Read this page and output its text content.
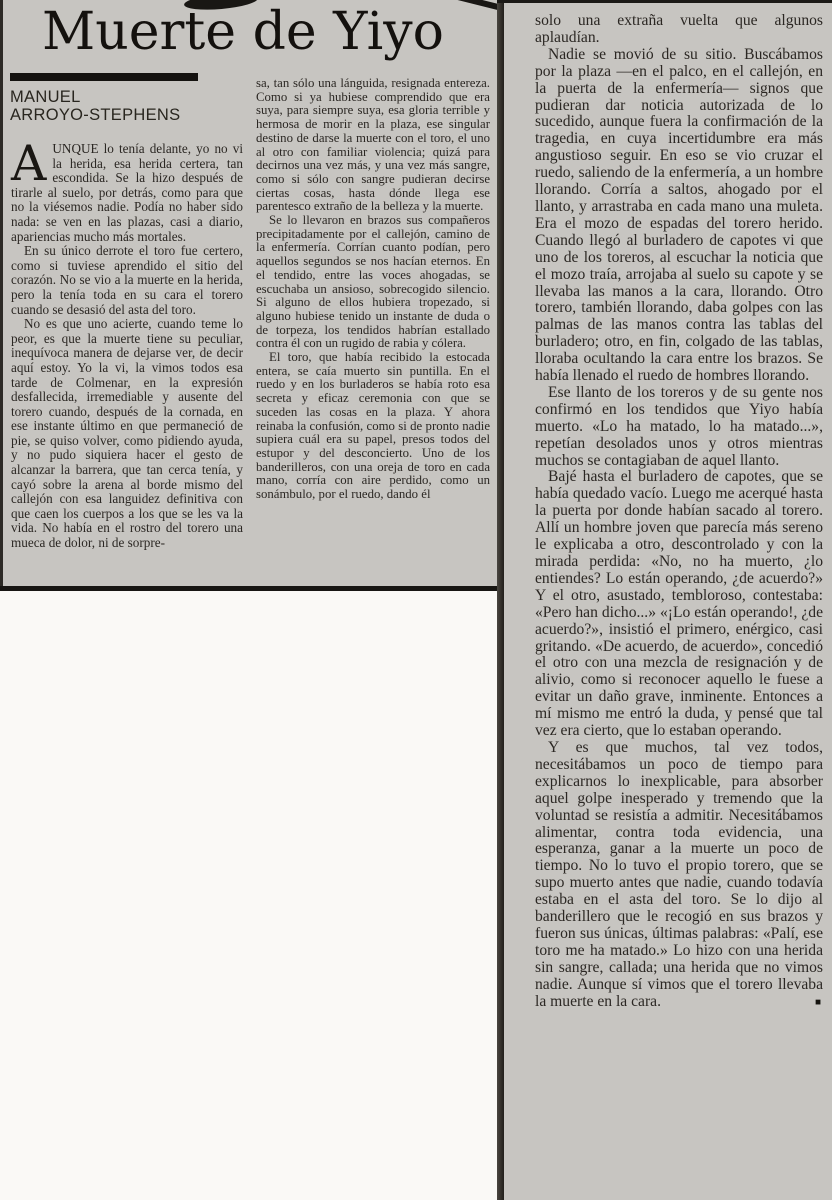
Muerte de Yiyo
MANUEL
ARROYO-STEPHENS

AUNQUE lo tenía delante, yo no vi la herida, esa herida certera, tan escondida. Se la hizo después de tirarle al suelo, por detrás, como para que no la viésemos nadie. Podía no haber sido nada: se ven en las plazas, casi a diario, apariencias mucho más mortales.

En su único derrote el toro fue certero, como si tuviese aprendido el sitio del corazón. No se vio a la muerte en la herida, pero la tenía toda en su cara el torero cuando se desasió del asta del toro.

No es que uno acierte, cuando teme lo peor, es que la muerte tiene su peculiar, inequívoca manera de dejarse ver, de decir aquí estoy. Yo la vi, la vimos todos esa tarde de Colmenar, en la expresión desfallecida, irremediable y ausente del torero cuando, después de la cornada, en ese instante último en que permaneció de pie, se quiso volver, como pidiendo ayuda, y no pudo siquiera hacer el gesto de alcanzar la barrera, que tan cerca tenía, y cayó sobre la arena al borde mismo del callejón con esa languidez definitiva con que caen los cuerpos a los que se les va la vida. No había en el rostro del torero una mueca de dolor, ni de sorpre-

sa, tan sólo una lánguida, resignada entereza. Como si ya hubiese comprendido que era suya, para siempre suya, esa gloria terrible y hermosa de morir en la plaza, ese singular destino de darse la muerte con el toro, el uno al otro con familiar violencia; quizá para decirnos una vez más, y una vez más sangre, como si sólo con sangre pudieran decirse ciertas cosas, hasta dónde llega ese parentesco extraño de la belleza y la muerte.

Se lo llevaron en brazos sus compañeros precipitadamente por el callejón, camino de la enfermería. Corrían cuanto podían, pero aquellos segundos se nos hacían eternos. En el tendido, entre las voces ahogadas, se escuchaba un ansioso, sobrecogido silencio. Si alguno de ellos hubiera tropezado, si alguno hubiese tenido un instante de duda o de torpeza, los tendidos habrían estallado contra él con un rugido de rabia y cólera.

El toro, que había recibido la estocada entera, se caía muerto sin puntilla. En el ruedo y en los burladeros se había roto esa secreta y eficaz ceremonia con que se suceden las cosas en la plaza. Y ahora reinaba la confusión, como si de pronto nadie supiera cuál era su papel, presos todos del estupor y del desconcierto. Uno de los banderilleros, con una oreja de toro en cada mano, corría con aire perdido, como un sonámbulo, por el ruedo, dando él

solo una extraña vuelta que algunos aplaudían.

Nadie se movió de su sitio. Buscábamos por la plaza —en el palco, en el callejón, en la puerta de la enfermería— signos que pudieran dar noticia autorizada de lo sucedido, aunque fuera la confirmación de la tragedia, en cuya incertidumbre era más angustioso seguir. En eso se vio cruzar el ruedo, saliendo de la enfermería, a un hombre llorando. Corría a saltos, ahogado por el llanto, y arrastraba en cada mano una muleta. Era el mozo de espadas del torero herido. Cuando llegó al burladero de capotes vi que uno de los toreros, al escuchar la noticia que el mozo traía, arrojaba al suelo su capote y se llevaba las manos a la cara, llorando. Otro torero, también llorando, daba golpes con las palmas de las manos contra las tablas del burladero; otro, en fin, colgado de las tablas, lloraba ocultando la cara entre los brazos. Se había llenado el ruedo de hombres llorando.

Ese llanto de los toreros y de su gente nos confirmó en los tendidos que Yiyo había muerto. «Lo ha matado, lo ha matado...», repetían desolados unos y otros mientras muchos se contagiaban de aquel llanto.

Bajé hasta el burladero de capotes, que se había quedado vacío. Luego me acerqué hasta la puerta por donde habían sacado al torero. Allí un hombre joven que parecía más sereno le explicaba a otro, descontrolado y con la mirada perdida: «No, no ha muerto, ¿lo entiendes? Lo están operando, ¿de acuerdo?» Y el otro, asustado, tembloroso, contestaba: «Pero han dicho...» «¡Lo están operando!, ¿de acuerdo?», insistió el primero, enérgico, casi gritando. «De acuerdo, de acuerdo», concedió el otro con una mezcla de resignación y de alivio, como si reconocer aquello le fuese a evitar un daño grave, inminente. Entonces a mí mismo me entró la duda, y pensé que tal vez era cierto, que lo estaban operando.

Y es que muchos, tal vez todos, necesitábamos un poco de tiempo para explicarnos lo inexplicable, para absorber aquel golpe inesperado y tremendo que la voluntad se resistía a admitir. Necesitábamos alimentar, contra toda evidencia, una esperanza, ganar a la muerte un poco de tiempo. No lo tuvo el propio torero, que se supo muerto antes que nadie, cuando todavía estaba en el asta del toro. Se lo dijo al banderillero que le recogió en sus brazos y fueron sus únicas, últimas palabras: «Palí, ese toro me ha matado.» Lo hizo con una herida sin sangre, callada; una herida que no vimos nadie. Aunque sí vimos que el torero llevaba la muerte en la cara.	■
